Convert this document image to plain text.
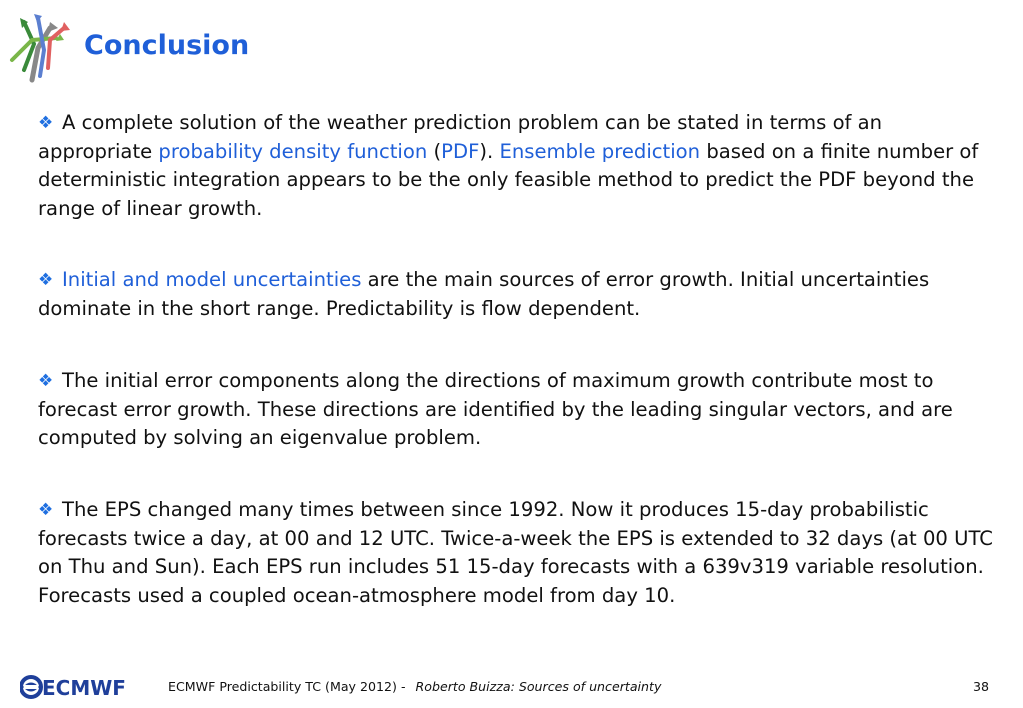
Conclusion

❖ A complete solution of the weather prediction problem can be stated in terms of an appropriate probability density function (PDF). Ensemble prediction based on a finite number of deterministic integration appears to be the only feasible method to predict the PDF beyond the range of linear growth.

❖ Initial and model uncertainties are the main sources of error growth. Initial uncertainties dominate in the short range. Predictability is flow dependent.

❖ The initial error components along the directions of maximum growth contribute most to forecast error growth. These directions are identified by the leading singular vectors, and are computed by solving an eigenvalue problem.

❖ The EPS changed many times between since 1992. Now it produces 15-day probabilistic forecasts twice a day, at 00 and 12 UTC. Twice-a-week the EPS is extended to 32 days (at 00 UTC on Thu and Sun). Each EPS run includes 51 15-day forecasts with a 639v319 variable resolution. Forecasts used a coupled ocean-atmosphere model from day 10.

ECMWF	ECMWF Predictability TC (May 2012) - Roberto Buizza: Sources of uncertainty	38
